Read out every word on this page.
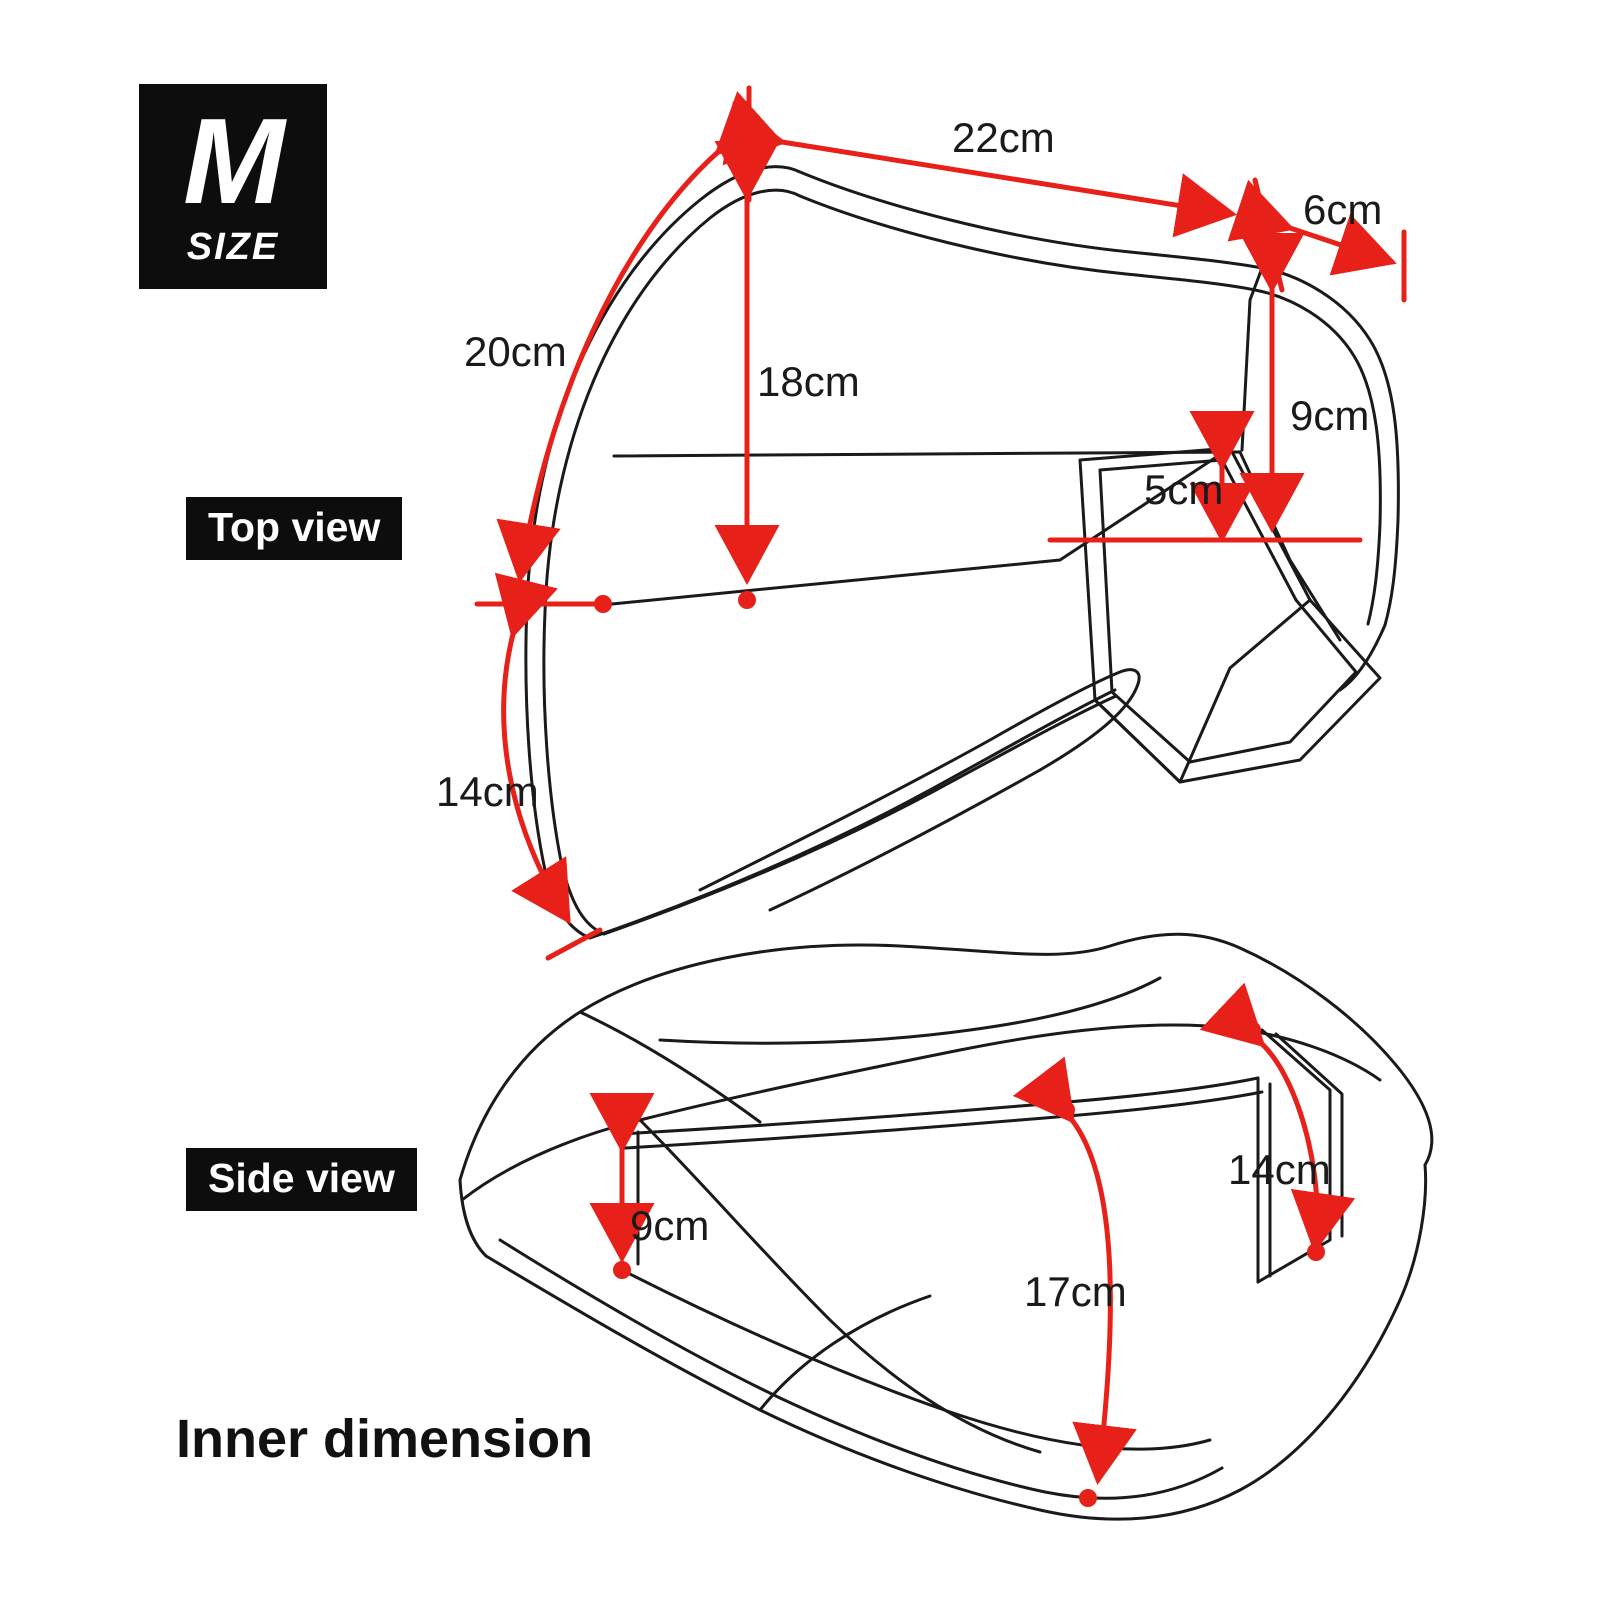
M
SIZE
Top view
Side view
Inner dimension
22cm
6cm
20cm
18cm
9cm
5cm
14cm
9cm
14cm
17cm
